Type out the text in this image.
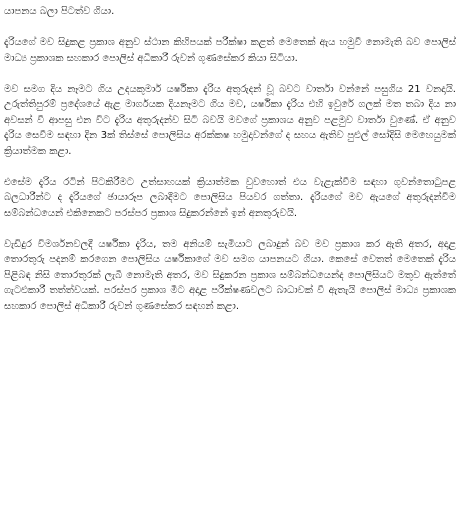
යාපනය බලා පිටත්ව ගියා.

දැරියගේ මව සිදුකළ ප්‍රකාශ අනුව ස්ථාන කිහිපයක් පරීක්ෂා කළත් මෙතෙක් ඇය හමුවී නොමැති බව පොලිස් මාධ්‍ය ප්‍රකාශක සහකාර පොලිස් අධිකාරී රුවන් ගුණසේකර කියා සිටියා.

මව සමග දිය නෑමට ගිය උදයකුමාර් යර්ෂිකා දැරිය අතුරුදන් වූ බවට වාර්තා වන්නේ පසුගිය 21 වනදායි. උරුත්තිපුරම් ප්‍රදේශයේ ඇළ මාර්ගයක දියනෑමට ගිය මව, යර්ෂිකා දැරිය එහි ඉවුරේ ගලක් මත තබා දිය නා අවසන් වී ආපසු එන විට දැරිය අතුරුදන්ව සිටි බවයි මවගේ ප්‍රකාශය අනුව පළමුව වාර්තා වුණේ. ඒ අනුව දැරිය සෙවීම සඳහා දින 3ක් තිස්සේ පොලිසිය අරක්කෂ හමුදාවන්ගේ ද සහය ඇතිව පුළුල් සෝදිසි මෙහෙයුමක් ක්‍රියාත්මක කළා.

එසේම දැරිය රටින් පිටකිරීමට උත්සාහයක් ක්‍රියාත්මක වුවහොත් එය වැළැක්වීම සඳහා ගුවන්තොටුපළ බලධාරීන්ට ද දැරියගේ ඡායාරූප ලබාදීමට පොලිසිය පියවර ගත්තා. දැරියගේ මව ඇයගේ අතුරුදන්වීම සම්බන්ධයෙන් එකිනෙකට පරස්පර ප්‍රකාශ සිදුකරන්නේ ඉන් අනතුරුවයි.

වැඩිදුර විමර්ශනවලදී යර්ෂිකා දැරිය, තම අනියම් සැමියාට ලබාදුන් බව මව ප්‍රකාශ කර ඇති අතර, අදාළ තොරතුරු පදනම් කරගෙන පොලිසිය යර්ෂිකාගේ මව සමග යාපනයට ගියා. කෙසේ වෙතත් මෙතෙක් දැරිය පිළිබඳ නිසි තොරතුරක් ලැබී නොමැති අතර, මව සිදුකරන ප්‍රකාශ සම්බන්ධයෙන්ද පොලිසියට මතුව ඇත්තේ ගැටළුකාරී තත්ත්වයක්. පරස්පර ප්‍රකාශ මීට අදාළ පරීක්ෂණවලට බාධාවක් වී ඇතැයි පොලිස් මාධ්‍ය ප්‍රකාශක සහකාර පොලිස් අධිකාරී රුවන් ගුණසේකර සඳහන් කළා.
